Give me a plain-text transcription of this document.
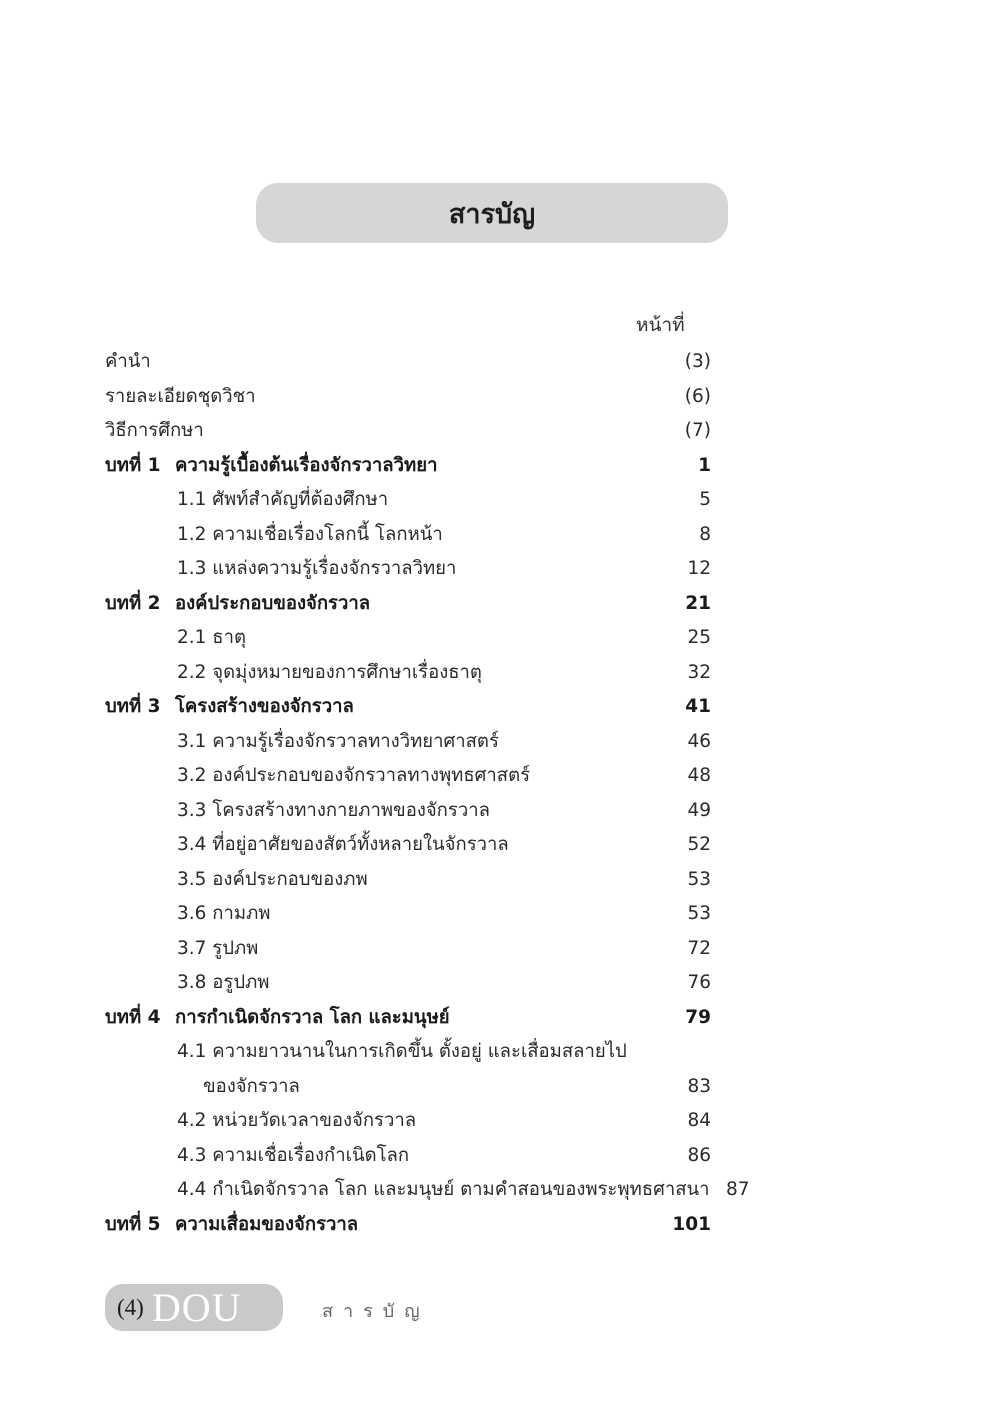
สารบัญ
หน้าที่
คำนำ	(3)
รายละเอียดชุดวิชา	(6)
วิธีการศึกษา	(7)
บทที่ 1 ความรู้เบื้องต้นเรื่องจักรวาลวิทยา	1
1.1 ศัพท์สำคัญที่ต้องศึกษา	5
1.2 ความเชื่อเรื่องโลกนี้ โลกหน้า	8
1.3 แหล่งความรู้เรื่องจักรวาลวิทยา	12
บทที่ 2 องค์ประกอบของจักรวาล	21
2.1 ธาตุ	25
2.2 จุดมุ่งหมายของการศึกษาเรื่องธาตุ	32
บทที่ 3 โครงสร้างของจักรวาล	41
3.1 ความรู้เรื่องจักรวาลทางวิทยาศาสตร์	46
3.2 องค์ประกอบของจักรวาลทางพุทธศาสตร์	48
3.3 โครงสร้างทางกายภาพของจักรวาล	49
3.4 ที่อยู่อาศัยของสัตว์ทั้งหลายในจักรวาล	52
3.5 องค์ประกอบของภพ	53
3.6 กามภพ	53
3.7 รูปภพ	72
3.8 อรูปภพ	76
บทที่ 4 การกำเนิดจักรวาล โลก และมนุษย์	79
4.1 ความยาวนานในการเกิดขึ้น ตั้งอยู่ และเสื่อมสลายไป
ของจักรวาล	83
4.2 หน่วยวัดเวลาของจักรวาล	84
4.3 ความเชื่อเรื่องกำเนิดโลก	86
4.4 กำเนิดจักรวาล โลก และมนุษย์ ตามคำสอนของพระพุทธศาสนา 87
บทที่ 5 ความเสื่อมของจักรวาล	101
(4) DOU	สารบัญ
